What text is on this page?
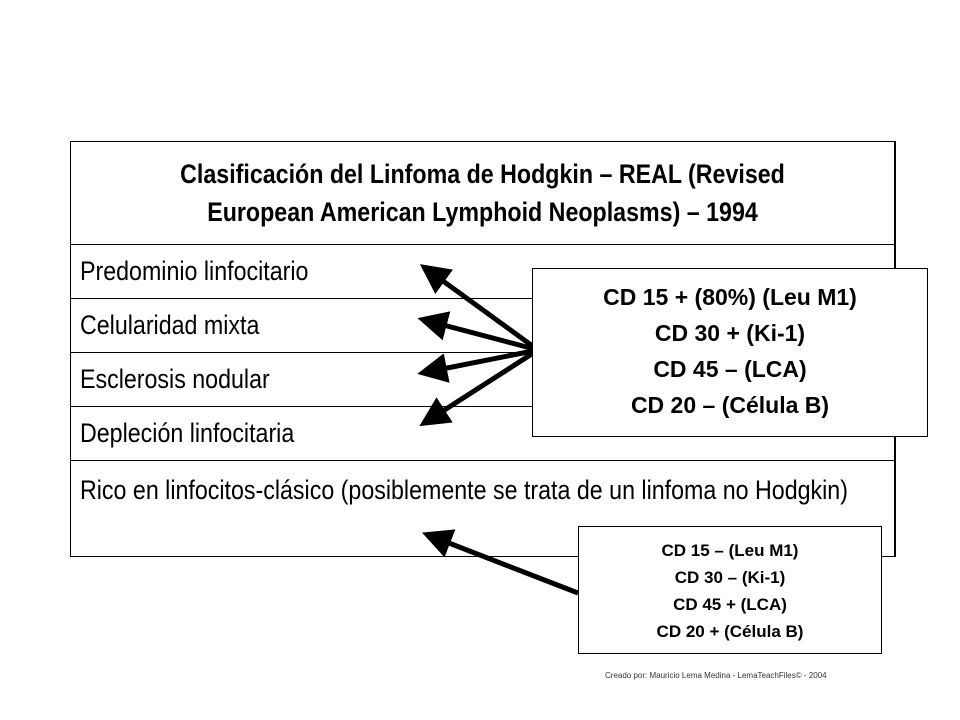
Clasificación del Linfoma de Hodgkin – REAL (Revised European American Lymphoid Neoplasms) – 1994
Predominio linfocitario
Celularidad mixta
Esclerosis nodular
Depleción linfocitaria
Rico en linfocitos-clásico (posiblemente se trata de un linfoma no Hodgkin)
CD 15 + (80%) (Leu M1)
CD 30 + (Ki-1)
CD 45 – (LCA)
CD 20 – (Célula B)
CD 15 – (Leu M1)
CD 30 – (Ki-1)
CD 45 + (LCA)
CD 20 + (Célula B)
Creado por: Mauricio Lema Medina - LemaTeachFiles© - 2004
